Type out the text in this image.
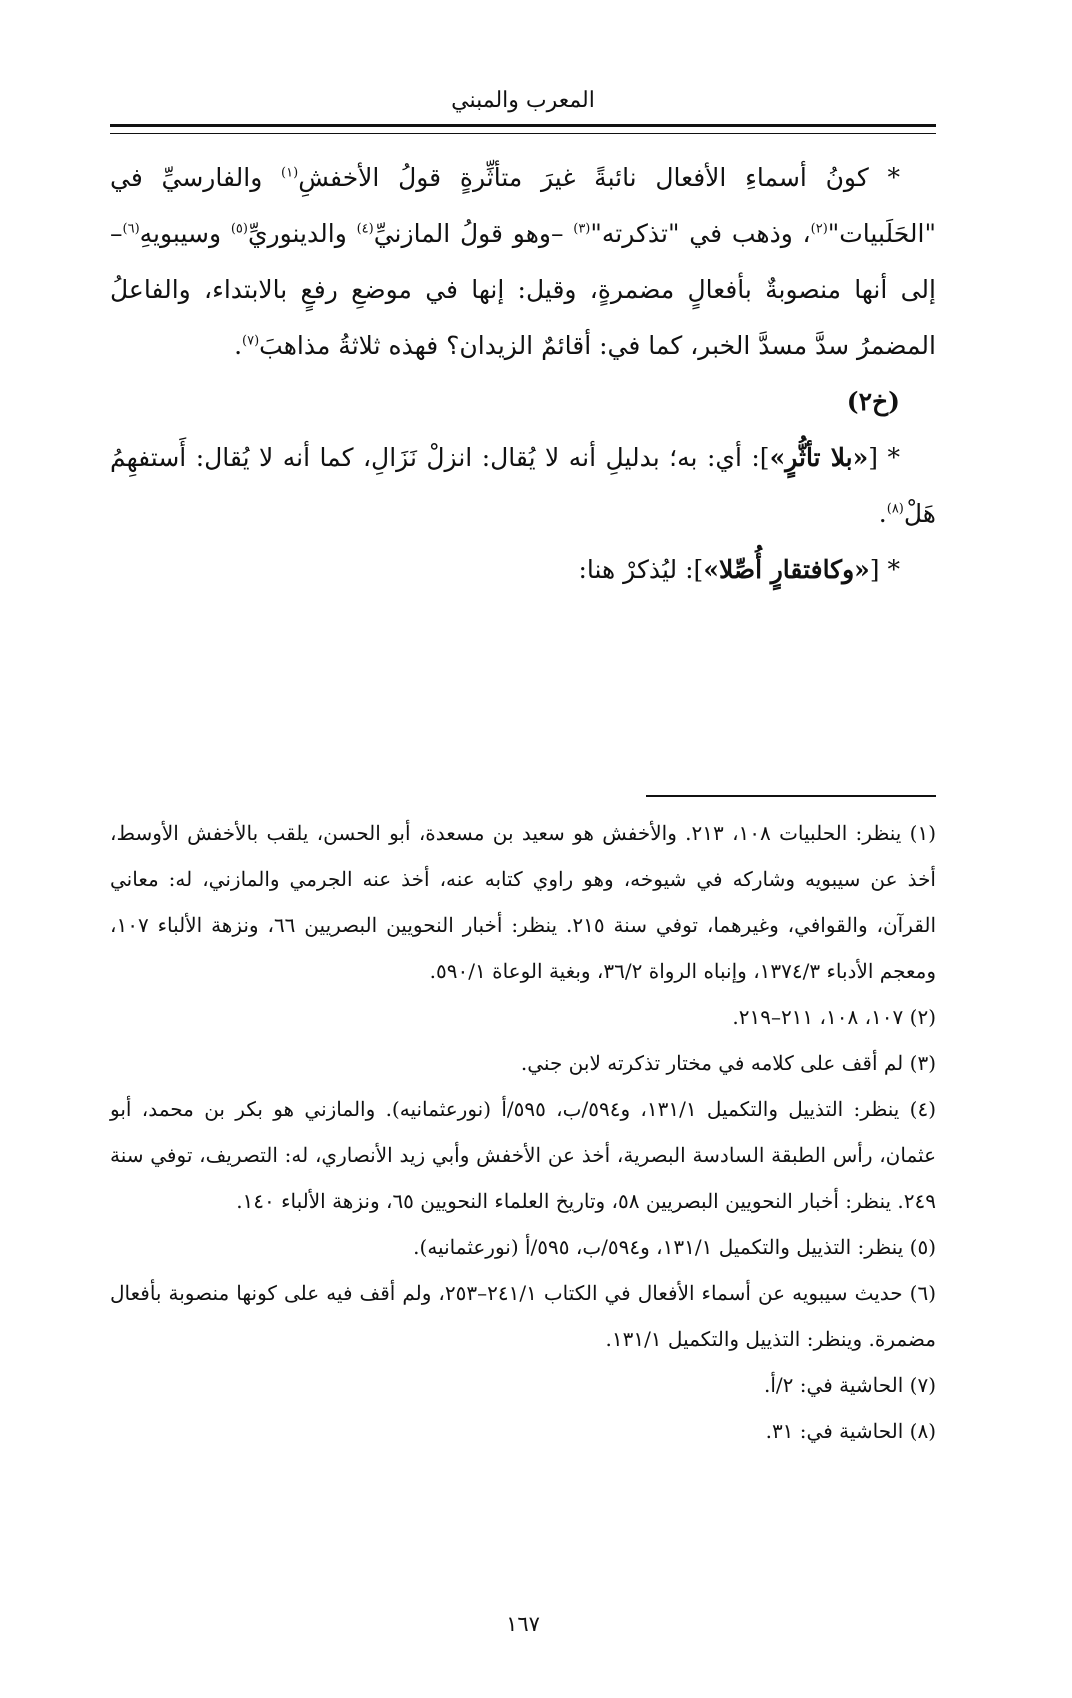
المعرب والمبني

* كونُ أسماءِ الأفعال نائبةً غيرَ متأثِّرةٍ قولُ الأخفشِ$^{(١)}$ والفارسيِّ في "الحَلَبيات"$^{(٢)}$، وذهب في "تذكرته"$^{(٣)}$ –وهو قولُ المازنيِّ$^{(٤)}$ والدينوريِّ$^{(٥)}$ وسيبويهِ$^{(٦)}$– إلى أنها منصوبةٌ بأفعالٍ مضمرةٍ، وقيل: إنها في موضعِ رفعٍ بالابتداء، والفاعلُ المضمرُ سدَّ مسدَّ الخبر، كما في: أقائمٌ الزيدان؟ فهذه ثلاثةُ مذاهبَ$^{(٧)}$.

(خ٢)

* [«بلا تأثُّرٍ»]: أي: به؛ بدليلِ أنه لا يُقال: انزلْ نَزَالِ، كما أنه لا يُقال: أَستفهِمُ هَلْ$^{(٨)}$.

* [«وكافتقارٍ أُصِّلا»]: ليُذكرْ هنا:

(١) ينظر: الحلبيات ١٠٨، ٢١٣. والأخفش هو سعيد بن مسعدة، أبو الحسن، يلقب بالأخفش الأوسط، أخذ عن سيبويه وشاركه في شيوخه، وهو راوي كتابه عنه، أخذ عنه الجرمي والمازني، له: معاني القرآن، والقوافي، وغيرهما، توفي سنة ٢١٥. ينظر: أخبار النحويين البصريين ٦٦، ونزهة الألباء ١٠٧، ومعجم الأدباء ١٣٧٤/٣، وإنباه الرواة ٣٦/٢، وبغية الوعاة ٥٩٠/١.

(٢) ١٠٧، ١٠٨، ٢١١–٢١٩.

(٣) لم أقف على كلامه في مختار تذكرته لابن جني.

(٤) ينظر: التذييل والتكميل ١٣١/١، و٥٩٤/ب، ٥٩٥/أ (نورعثمانيه). والمازني هو بكر بن محمد، أبو عثمان، رأس الطبقة السادسة البصرية، أخذ عن الأخفش وأبي زيد الأنصاري، له: التصريف، توفي سنة ٢٤٩. ينظر: أخبار النحويين البصريين ٥٨، وتاريخ العلماء النحويين ٦٥، ونزهة الألباء ١٤٠.

(٥) ينظر: التذييل والتكميل ١٣١/١، و٥٩٤/ب، ٥٩٥/أ (نورعثمانيه).

(٦) حديث سيبويه عن أسماء الأفعال في الكتاب ٢٤١/١–٢٥٣، ولم أقف فيه على كونها منصوبة بأفعال مضمرة. وينظر: التذييل والتكميل ١٣١/١.

(٧) الحاشية في: ٢/أ.

(٨) الحاشية في: ٣١.

١٦٧
